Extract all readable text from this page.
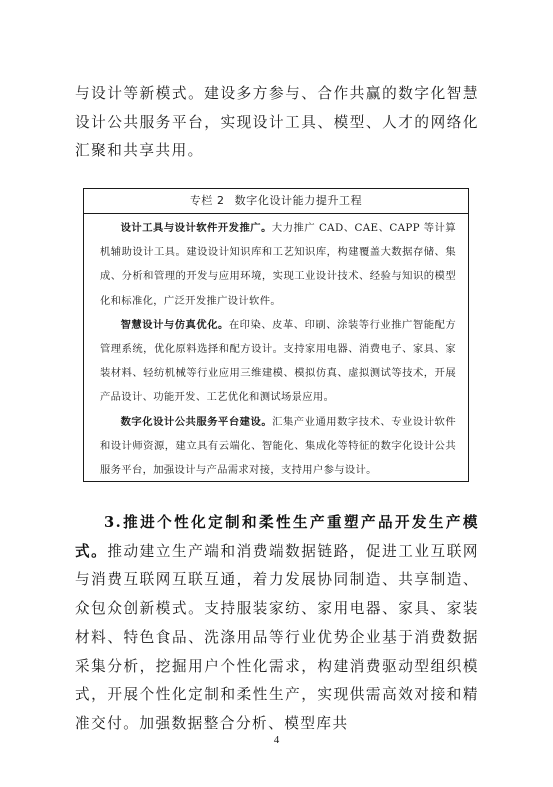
与设计等新模式。建设多方参与、合作共赢的数字化智慧设计公共服务平台，实现设计工具、模型、人才的网络化汇聚和共享共用。

专栏 2 数字化设计能力提升工程

设计工具与设计软件开发推广。大力推广 CAD、CAE、CAPP 等计算机辅助设计工具。建设设计知识库和工艺知识库，构建覆盖大数据存储、集成、分析和管理的开发与应用环境，实现工业设计技术、经验与知识的模型化和标准化，广泛开发推广设计软件。

智慧设计与仿真优化。在印染、皮革、印刷、涂装等行业推广智能配方管理系统，优化原料选择和配方设计。支持家用电器、消费电子、家具、家装材料、轻纺机械等行业应用三维建模、模拟仿真、虚拟测试等技术，开展产品设计、功能开发、工艺优化和测试场景应用。

数字化设计公共服务平台建设。汇集产业通用数字技术、专业设计软件和设计师资源，建立具有云端化、智能化、集成化等特征的数字化设计公共服务平台，加强设计与产品需求对接，支持用户参与设计。

3.推进个性化定制和柔性生产重塑产品开发生产模式。推动建立生产端和消费端数据链路，促进工业互联网与消费互联网互联互通，着力发展协同制造、共享制造、众包众创新模式。支持服装家纺、家用电器、家具、家装材料、特色食品、洗涤用品等行业优势企业基于消费数据采集分析，挖掘用户个性化需求，构建消费驱动型组织模式，开展个性化定制和柔性生产，实现供需高效对接和精准交付。加强数据整合分析、模型库共

4
